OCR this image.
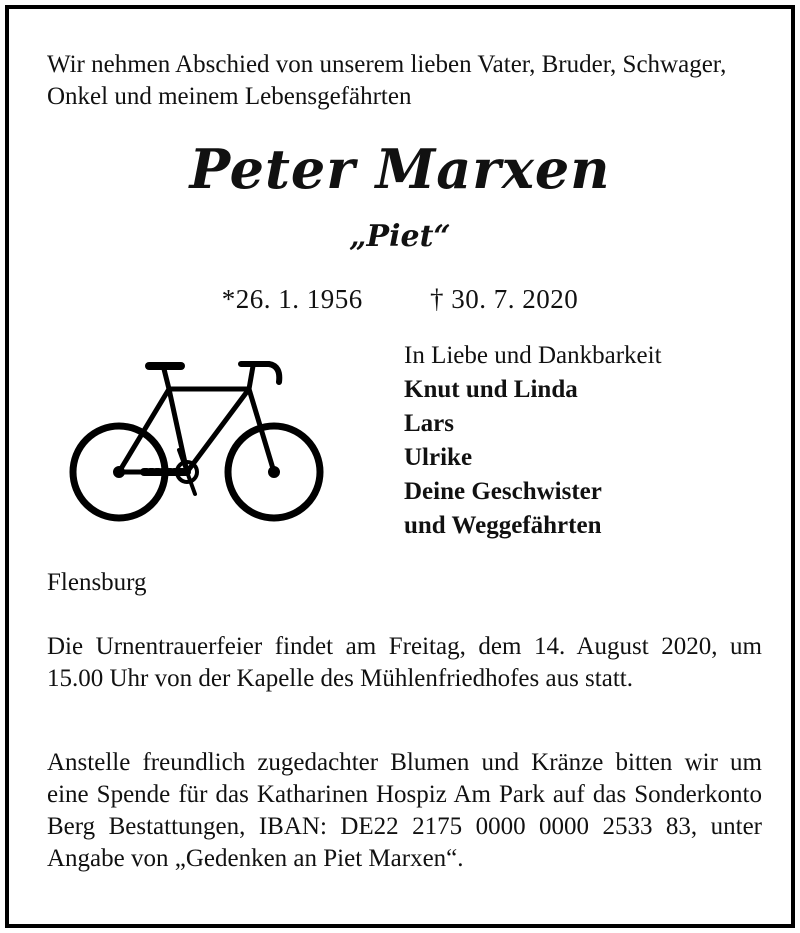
Wir nehmen Abschied von unserem lieben Vater, Bruder, Schwager, Onkel und meinem Lebensgefährten
Peter Marxen
„Piet“
*26. 1. 1956 † 30. 7. 2020
In Liebe und Dankbarkeit
Knut und Linda
Lars
Ulrike
Deine Geschwister
und Weggefährten
Flensburg
Die Urnentrauerfeier findet am Freitag, dem 14. August 2020, um 15.00 Uhr von der Kapelle des Mühlenfriedhofes aus statt.
Anstelle freundlich zugedachter Blumen und Kränze bitten wir um eine Spende für das Katharinen Hospiz Am Park auf das Sonderkonto Berg Bestattungen, IBAN: DE22 2175 0000 0000 2533 83, unter Angabe von „Gedenken an Piet Marxen“.
